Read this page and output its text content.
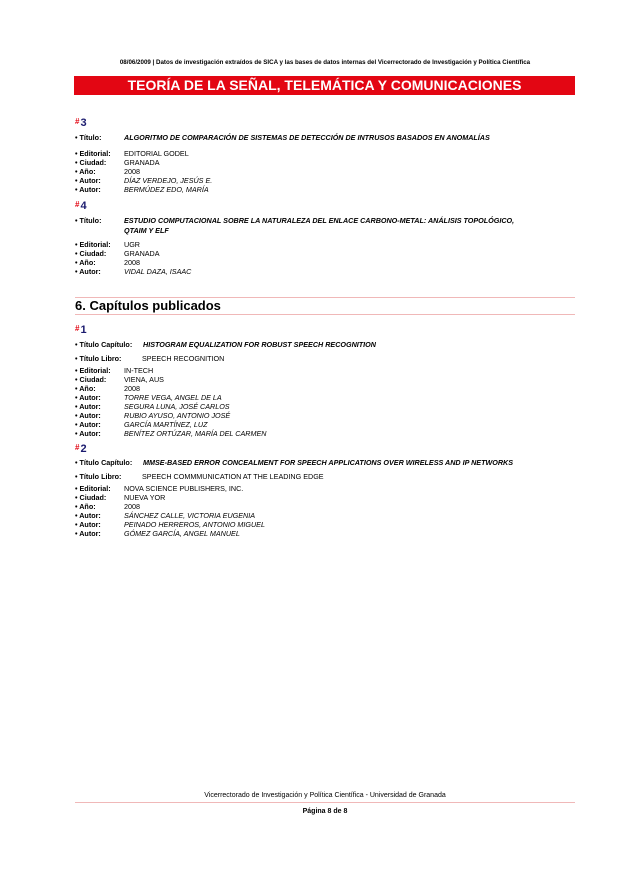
08/06/2009 | Datos de investigación extraídos de SICA y las bases de datos internas del Vicerrectorado de Investigación y Política Científica
TEORÍA DE LA SEÑAL, TELEMÁTICA Y COMUNICACIONES
#3
• Título:	ALGORITMO DE COMPARACIÓN DE SISTEMAS DE DETECCIÓN DE INTRUSOS BASADOS EN ANOMALÍAS
• Editorial: EDITORIAL GODEL
• Ciudad: GRANADA
• Año:	2008
• Autor:	DÍAZ VERDEJO, JESÚS E.
• Autor:	BERMÚDEZ EDO, MARÍA
#4
• Título:	ESTUDIO COMPUTACIONAL SOBRE LA NATURALEZA DEL ENLACE CARBONO-METAL: ANÁLISIS TOPOLÓGICO, QTAIM Y ELF
• Editorial: UGR
• Ciudad: GRANADA
• Año:	2008
• Autor:	VIDAL DAZA, ISAAC
6. Capítulos publicados
#1
• Título Capítulo: HISTOGRAM EQUALIZATION FOR ROBUST SPEECH RECOGNITION
• Título Libro:	SPEECH RECOGNITION
• Editorial: IN-TECH
• Ciudad: VIENA, AUS
• Año:	2008
• Autor:	TORRE VEGA, ANGEL DE LA
• Autor:	SEGURA LUNA, JOSÉ CARLOS
• Autor:	RUBIO AYUSO, ANTONIO JOSÉ
• Autor:	GARCÍA MARTÍNEZ, LUZ
• Autor:	BENÍTEZ ORTÚZAR, MARÍA DEL CARMEN
#2
• Título Capítulo: MMSE-BASED ERROR CONCEALMENT FOR SPEECH APPLICATIONS OVER WIRELESS AND IP NETWORKS
• Título Libro:	SPEECH COMMMUNICATION AT THE LEADING EDGE
• Editorial: NOVA SCIENCE PUBLISHERS, INC.
• Ciudad: NUEVA YOR
• Año:	2008
• Autor:	SÁNCHEZ CALLE, VICTORIA EUGENIA
• Autor:	PEINADO HERREROS, ANTONIO MIGUEL
• Autor:	GÓMEZ GARCÍA, ANGEL MANUEL
Vicerrectorado de Investigación y Política Científica - Universidad de Granada
Página 8 de 8
